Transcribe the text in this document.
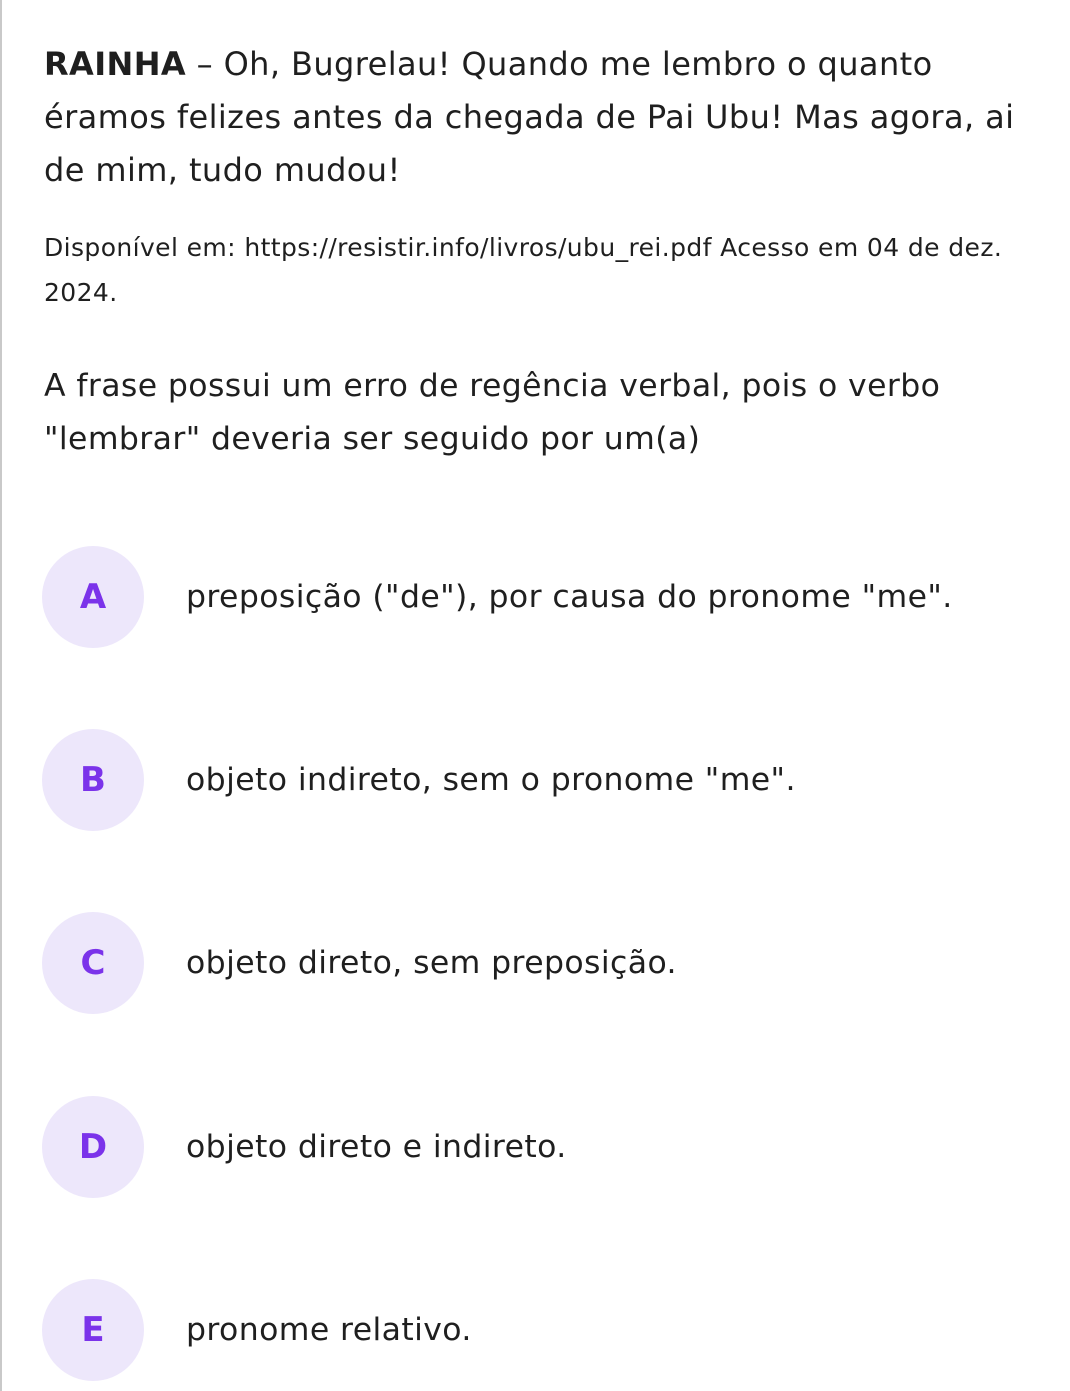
RAINHA – Oh, Bugrelau! Quando me lembro o quanto éramos felizes antes da chegada de Pai Ubu! Mas agora, ai de mim, tudo mudou!

Disponível em: https://resistir.info/livros/ubu_rei.pdf Acesso em 04 de dez. 2024.

A frase possui um erro de regência verbal, pois o verbo "lembrar" deveria ser seguido por um(a)

A	preposição ("de"), por causa do pronome "me".
B	objeto indireto, sem o pronome "me".
C	objeto direto, sem preposição.
D	objeto direto e indireto.
E	pronome relativo.
